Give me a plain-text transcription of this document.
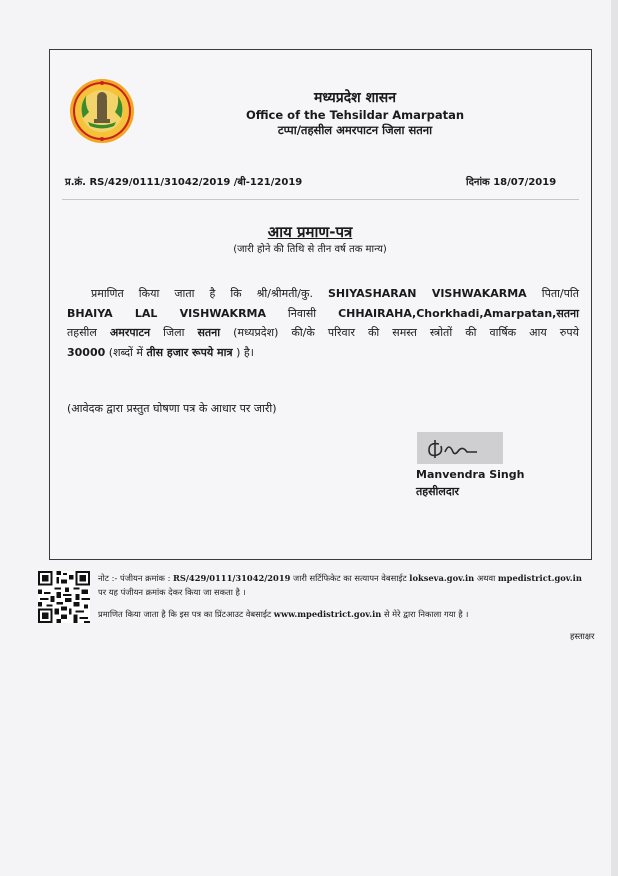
मध्यप्रदेश शासन
Office of the Tehsildar Amarpatan
टप्पा/तहसील अमरपाटन जिला सतना
प्र.क्रं. RS/429/0111/31042/2019 /बी-121/2019	दिनांक 18/07/2019
आय प्रमाण-पत्र
(जारी होने की तिथि से तीन वर्ष तक मान्य)
प्रमाणित किया जाता है कि श्री/श्रीमती/कु. SHIYASHARAN VISHWAKARMA पिता/पति
BHAIYA LAL VISHWAKRMA निवासी CHHAIRAHA,Chorkhadi,Amarpatan,सतना
तहसील अमरपाटन जिला सतना (मध्यप्रदेश) की/के परिवार की समस्त स्त्रोतों की वार्षिक आय रुपये
30000 (शब्दों में तीस हजार रूपये मात्र ) है।
(आवेदक द्वारा प्रस्तुत घोषणा पत्र के आधार पर जारी)
Manvendra Singh
तहसीलदार
नोट :- पंजीयन क्रमांक : RS/429/0111/31042/2019 जारी सर्टिफिकेट का सत्यापन वेबसाईट lokseva.gov.in अथवा mpedistrict.gov.in
पर यह पंजीयन क्रमांक देकर किया जा सकता है ।
प्रमाणित किया जाता है कि इस पत्र का प्रिंटआउट वेबसाईट www.mpedistrict.gov.in से मेरे द्वारा निकाला गया है ।
हस्ताक्षर
